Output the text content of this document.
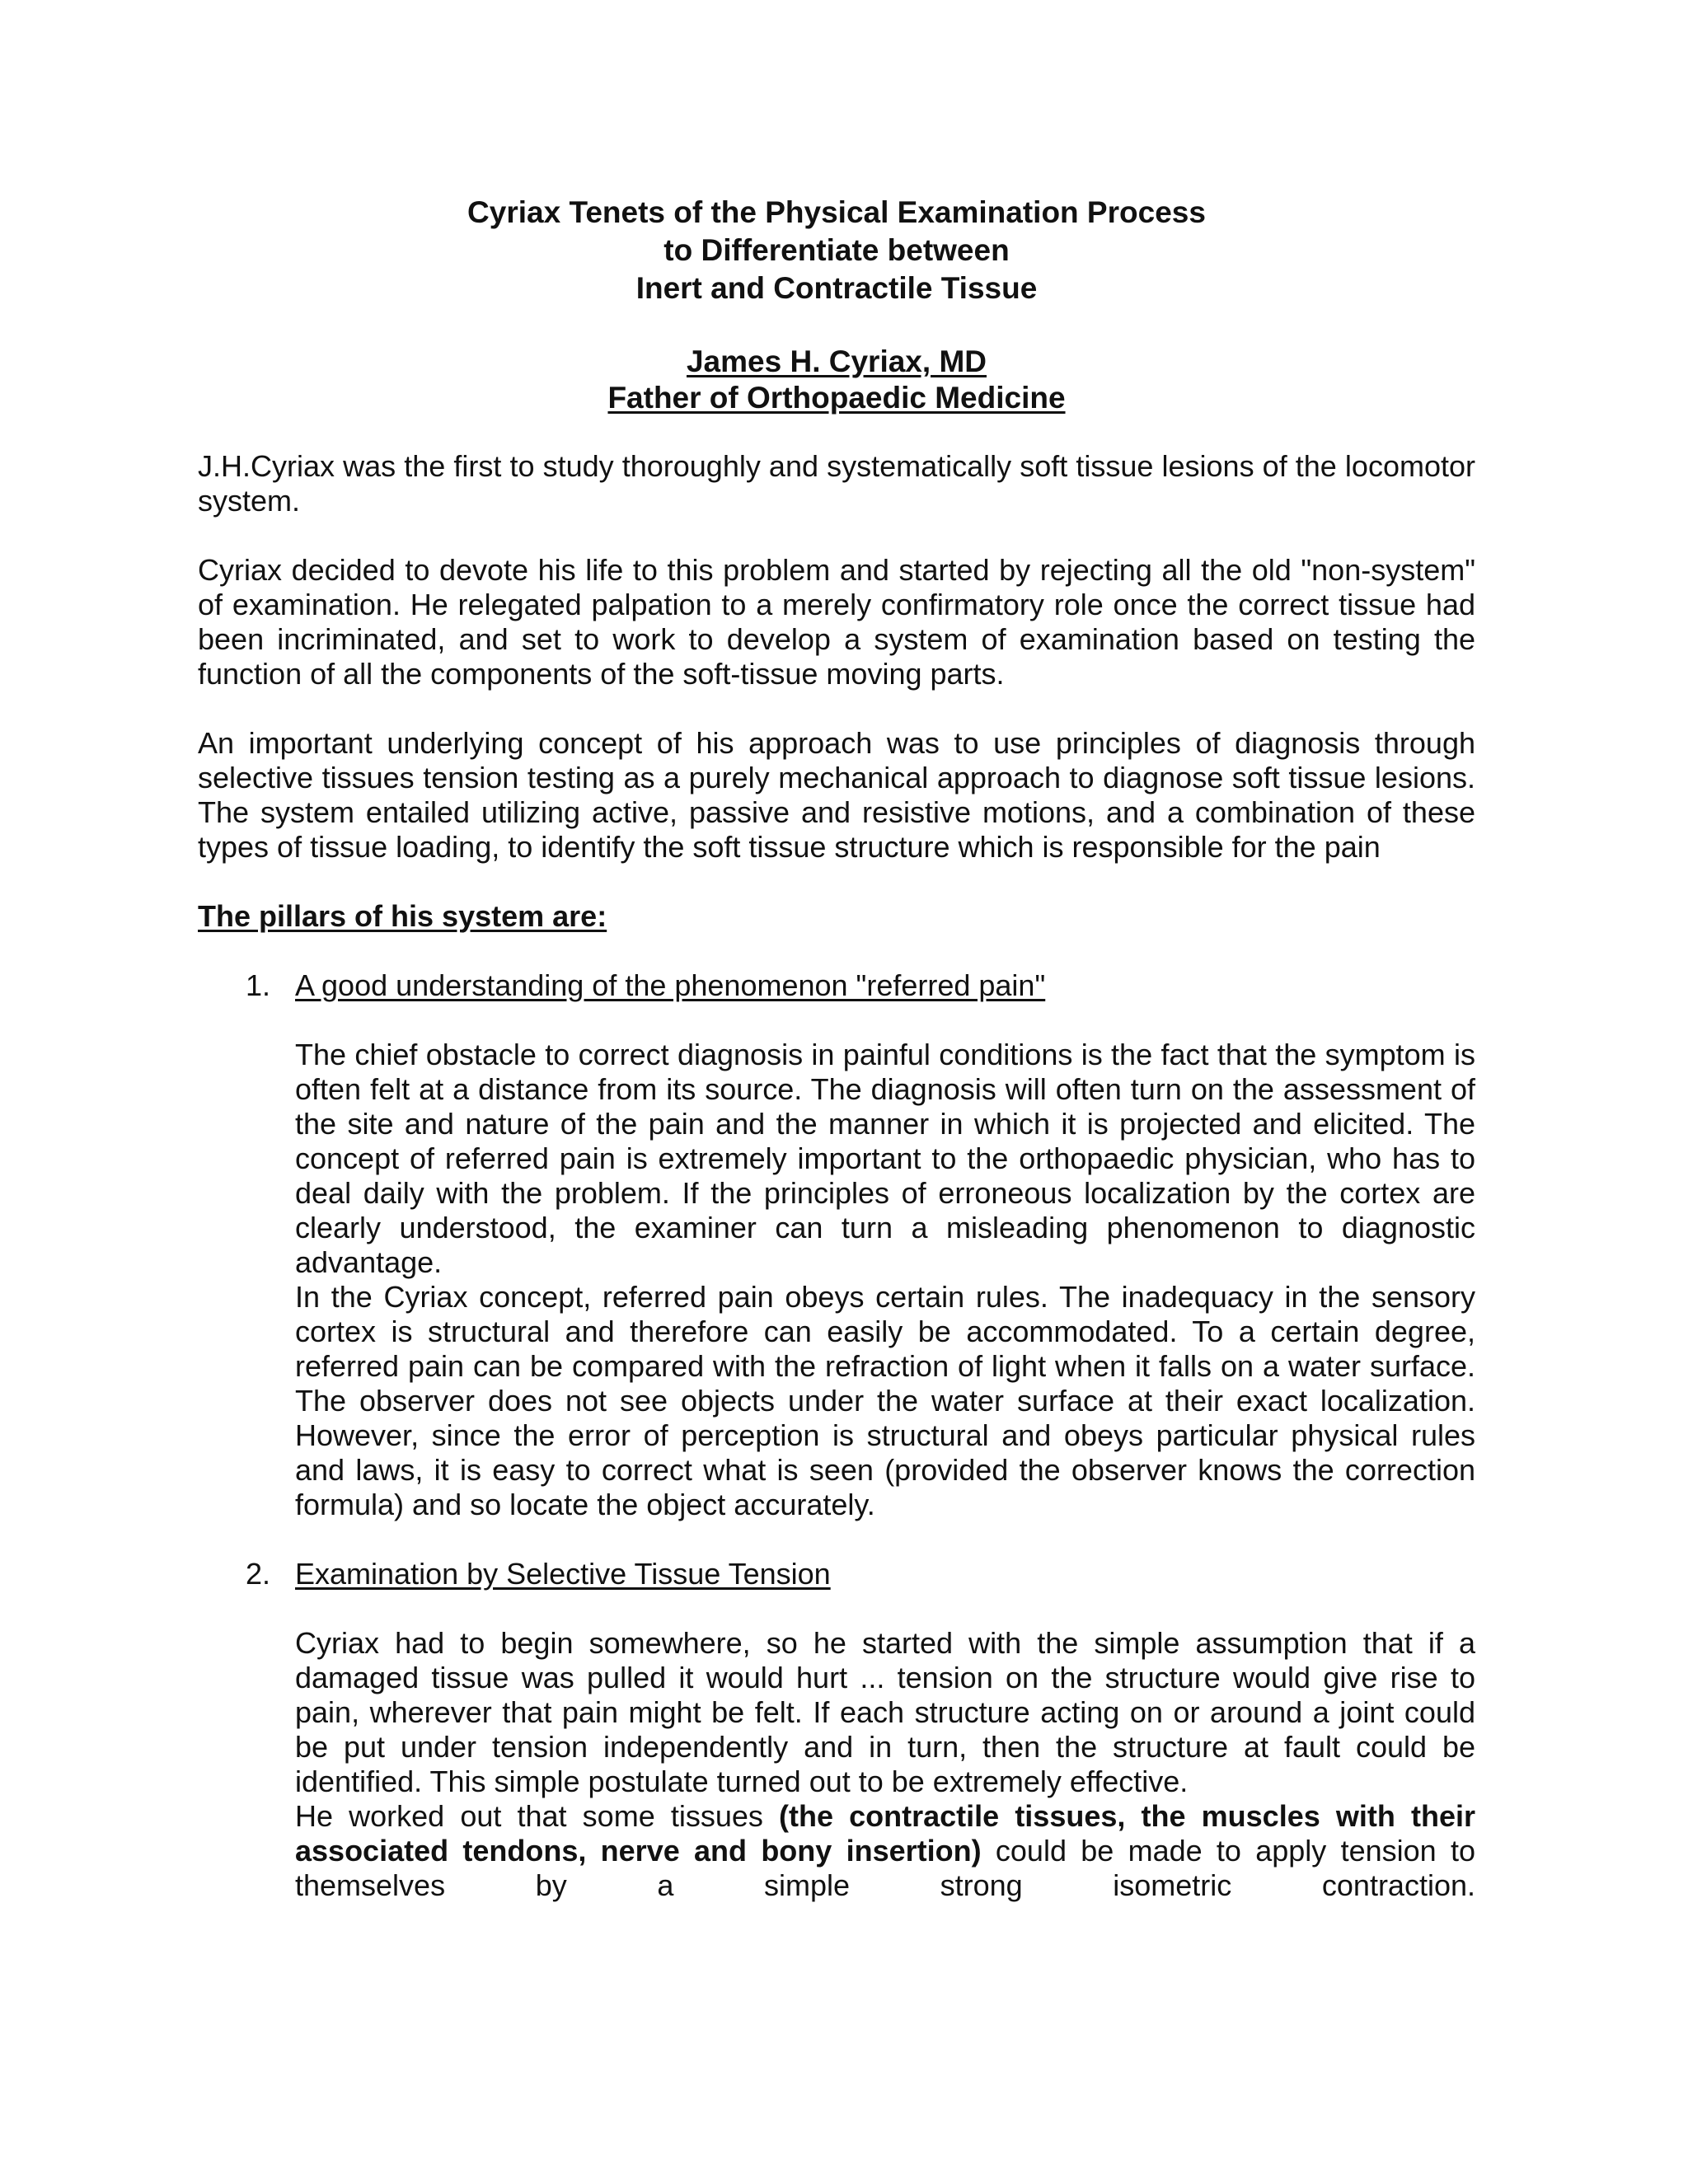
Cyriax Tenets of the Physical Examination Process
to Differentiate between
Inert and Contractile Tissue
James H. Cyriax, MD
Father of Orthopaedic Medicine

J.H.Cyriax was the first to study thoroughly and systematically soft tissue lesions of the locomotor system.

Cyriax decided to devote his life to this problem and started by rejecting all the old "non-system" of examination. He relegated palpation to a merely confirmatory role once the correct tissue had been incriminated, and set to work to develop a system of examination based on testing the function of all the components of the soft-tissue moving parts.

An important underlying concept of his approach was to use principles of diagnosis through selective tissues tension testing as a purely mechanical approach to diagnose soft tissue lesions. The system entailed utilizing active, passive and resistive motions, and a combination of these types of tissue loading, to identify the soft tissue structure which is responsible for the pain

The pillars of his system are:
1. A good understanding of the phenomenon "referred pain"

The chief obstacle to correct diagnosis in painful conditions is the fact that the symptom is often felt at a distance from its source. The diagnosis will often turn on the assessment of the site and nature of the pain and the manner in which it is projected and elicited. The concept of referred pain is extremely important to the orthopaedic physician, who has to deal daily with the problem. If the principles of erroneous localization by the cortex are clearly understood, the examiner can turn a misleading phenomenon to diagnostic advantage.

In the Cyriax concept, referred pain obeys certain rules. The inadequacy in the sensory cortex is structural and therefore can easily be accommodated. To a certain degree, referred pain can be compared with the refraction of light when it falls on a water surface. The observer does not see objects under the water surface at their exact localization. However, since the error of perception is structural and obeys particular physical rules and laws, it is easy to correct what is seen (provided the observer knows the correction formula) and so locate the object accurately.

2. Examination by Selective Tissue Tension

Cyriax had to begin somewhere, so he started with the simple assumption that if a damaged tissue was pulled it would hurt ... tension on the structure would give rise to pain, wherever that pain might be felt. If each structure acting on or around a joint could be put under tension independently and in turn, then the structure at fault could be identified. This simple postulate turned out to be extremely effective.

He worked out that some tissues (the contractile tissues, the muscles with their associated tendons, nerve and bony insertion) could be made to apply tension to themselves by a simple strong isometric contraction.
